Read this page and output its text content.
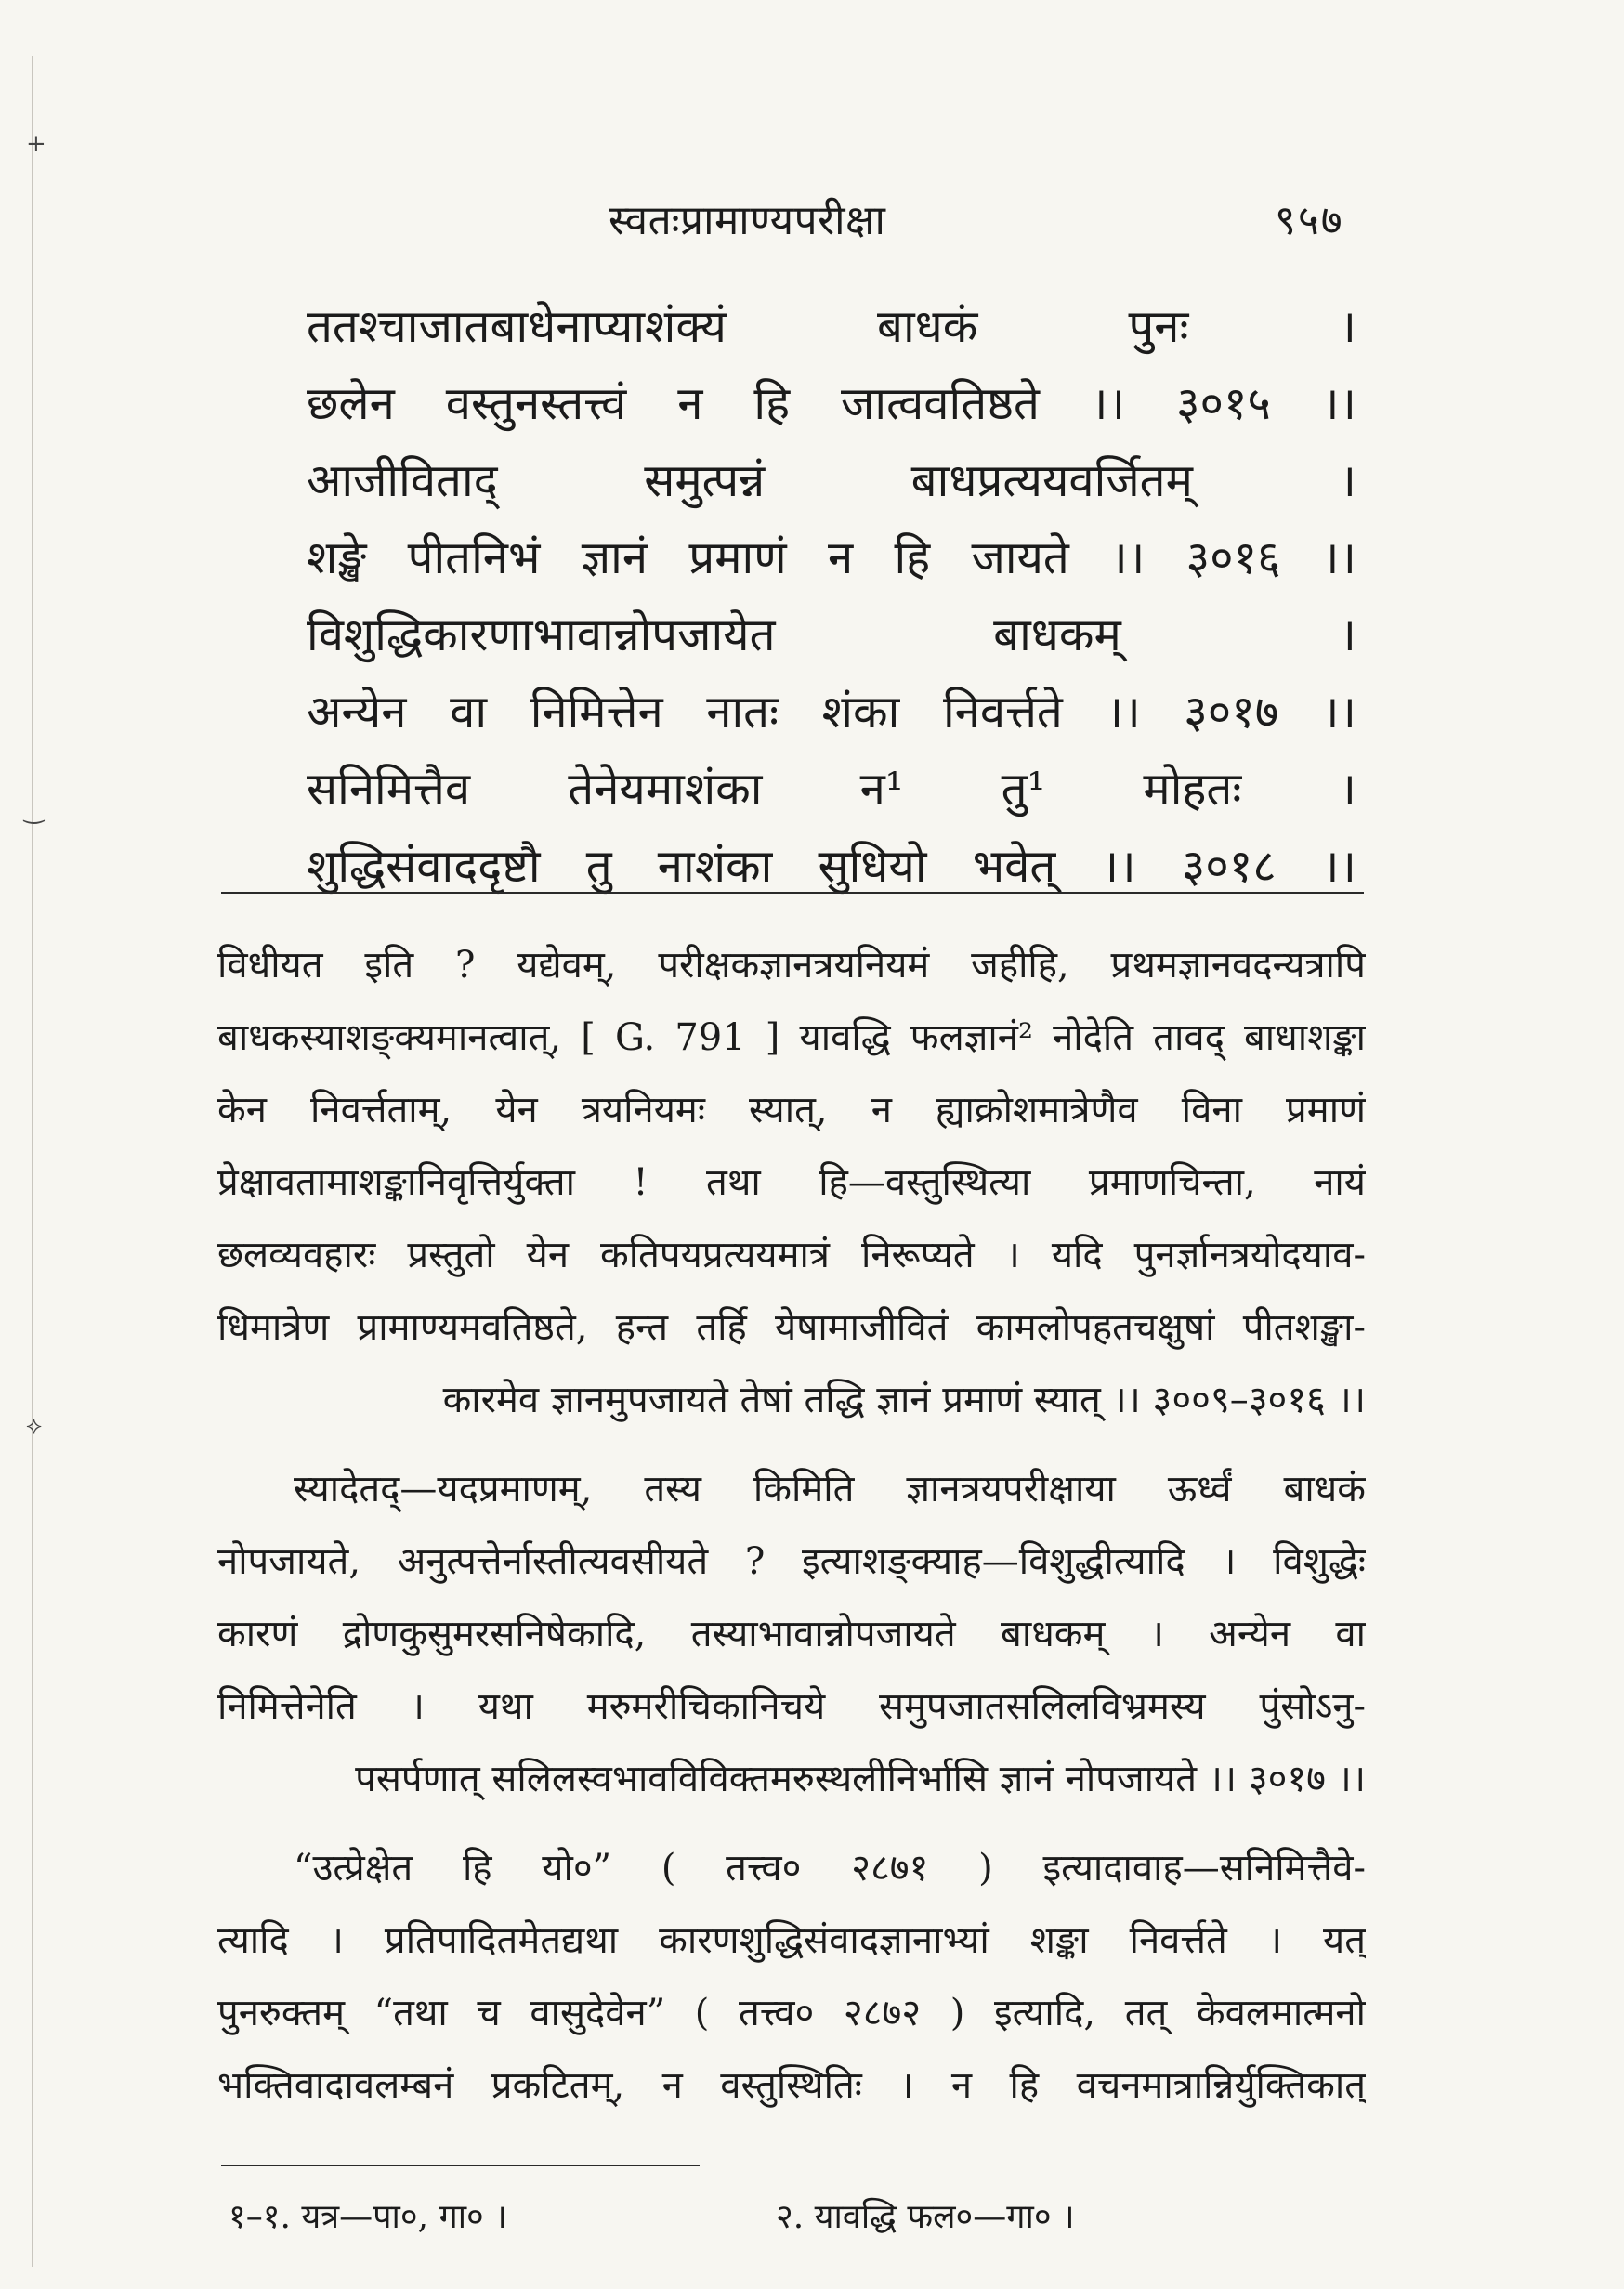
+
‿
⟡
स्वतःप्रामाण्यपरीक्षा	९५७
ततश्चाजातबाधेनाप्याशंक्यं बाधकं पुनः ।
छलेन वस्तुनस्तत्त्वं न हि जात्ववतिष्ठते ।। ३०१५ ।।
आजीविताद् समुत्पन्नं बाधप्रत्ययवर्जितम् ।
शङ्खे पीतनिभं ज्ञानं प्रमाणं न हि जायते ।। ३०१६ ।।
विशुद्धिकारणाभावान्नोपजायेत बाधकम् ।
अन्येन वा निमित्तेन नातः शंका निवर्त्तते ।। ३०१७ ।।
सनिमित्तैव तेनेयमाशंका न¹ तु¹ मोहतः ।
शुद्धिसंवाददृष्टौ तु नाशंका सुधियो भवेत् ।। ३०१८ ।।
विधीयत इति ? यद्येवम्, परीक्षकज्ञानत्रयनियमं जहीहि, प्रथमज्ञानवदन्यत्रापि
बाधकस्याशङ्क्यमानत्वात्, [ G. 791 ] यावद्धि फलज्ञानं² नोदेति तावद् बाधाशङ्का
केन निवर्त्तताम्, येन त्रयनियमः स्यात्, न ह्याक्रोशमात्रेणैव विना प्रमाणं
प्रेक्षावतामाशङ्कानिवृत्तिर्युक्ता ! तथा हि—वस्तुस्थित्या प्रमाणचिन्ता, नायं
छलव्यवहारः प्रस्तुतो येन कतिपयप्रत्ययमात्रं निरूप्यते । यदि पुनर्ज्ञानत्रयोदयाव-
धिमात्रेण प्रामाण्यमवतिष्ठते, हन्त तर्हि येषामाजीवितं कामलोपहतचक्षुषां पीतशङ्खा-
कारमेव ज्ञानमुपजायते तेषां तद्धि ज्ञानं प्रमाणं स्यात् ।। ३००९–३०१६ ।।
स्यादेतद्—यदप्रमाणम्, तस्य किमिति ज्ञानत्रयपरीक्षाया ऊर्ध्वं बाधकं
नोपजायते, अनुत्पत्तेर्नास्तीत्यवसीयते ? इत्याशङ्क्याह—विशुद्धीत्यादि । विशुद्धेः
कारणं द्रोणकुसुमरसनिषेकादि, तस्याभावान्नोपजायते बाधकम् । अन्येन वा
निमित्तेनेति । यथा मरुमरीचिकानिचये समुपजातसलिलविभ्रमस्य पुंसोऽनु-
पसर्पणात् सलिलस्वभावविविक्तमरुस्थलीनिर्भासि ज्ञानं नोपजायते ।। ३०१७ ।।
“उत्प्रेक्षेत हि यो०” ( तत्त्व० २८७१ ) इत्यादावाह—सनिमित्तैवे-
त्यादि । प्रतिपादितमेतद्यथा कारणशुद्धिसंवादज्ञानाभ्यां शङ्का निवर्त्तते । यत्
पुनरुक्तम् “तथा च वासुदेवेन” ( तत्त्व० २८७२ ) इत्यादि, तत् केवलमात्मनो
भक्तिवादावलम्बनं प्रकटितम्, न वस्तुस्थितिः । न हि वचनमात्रान्निर्युक्तिकात्
१–१. यत्र—पा०, गा० ।	२. यावद्धि फल०—गा० ।
